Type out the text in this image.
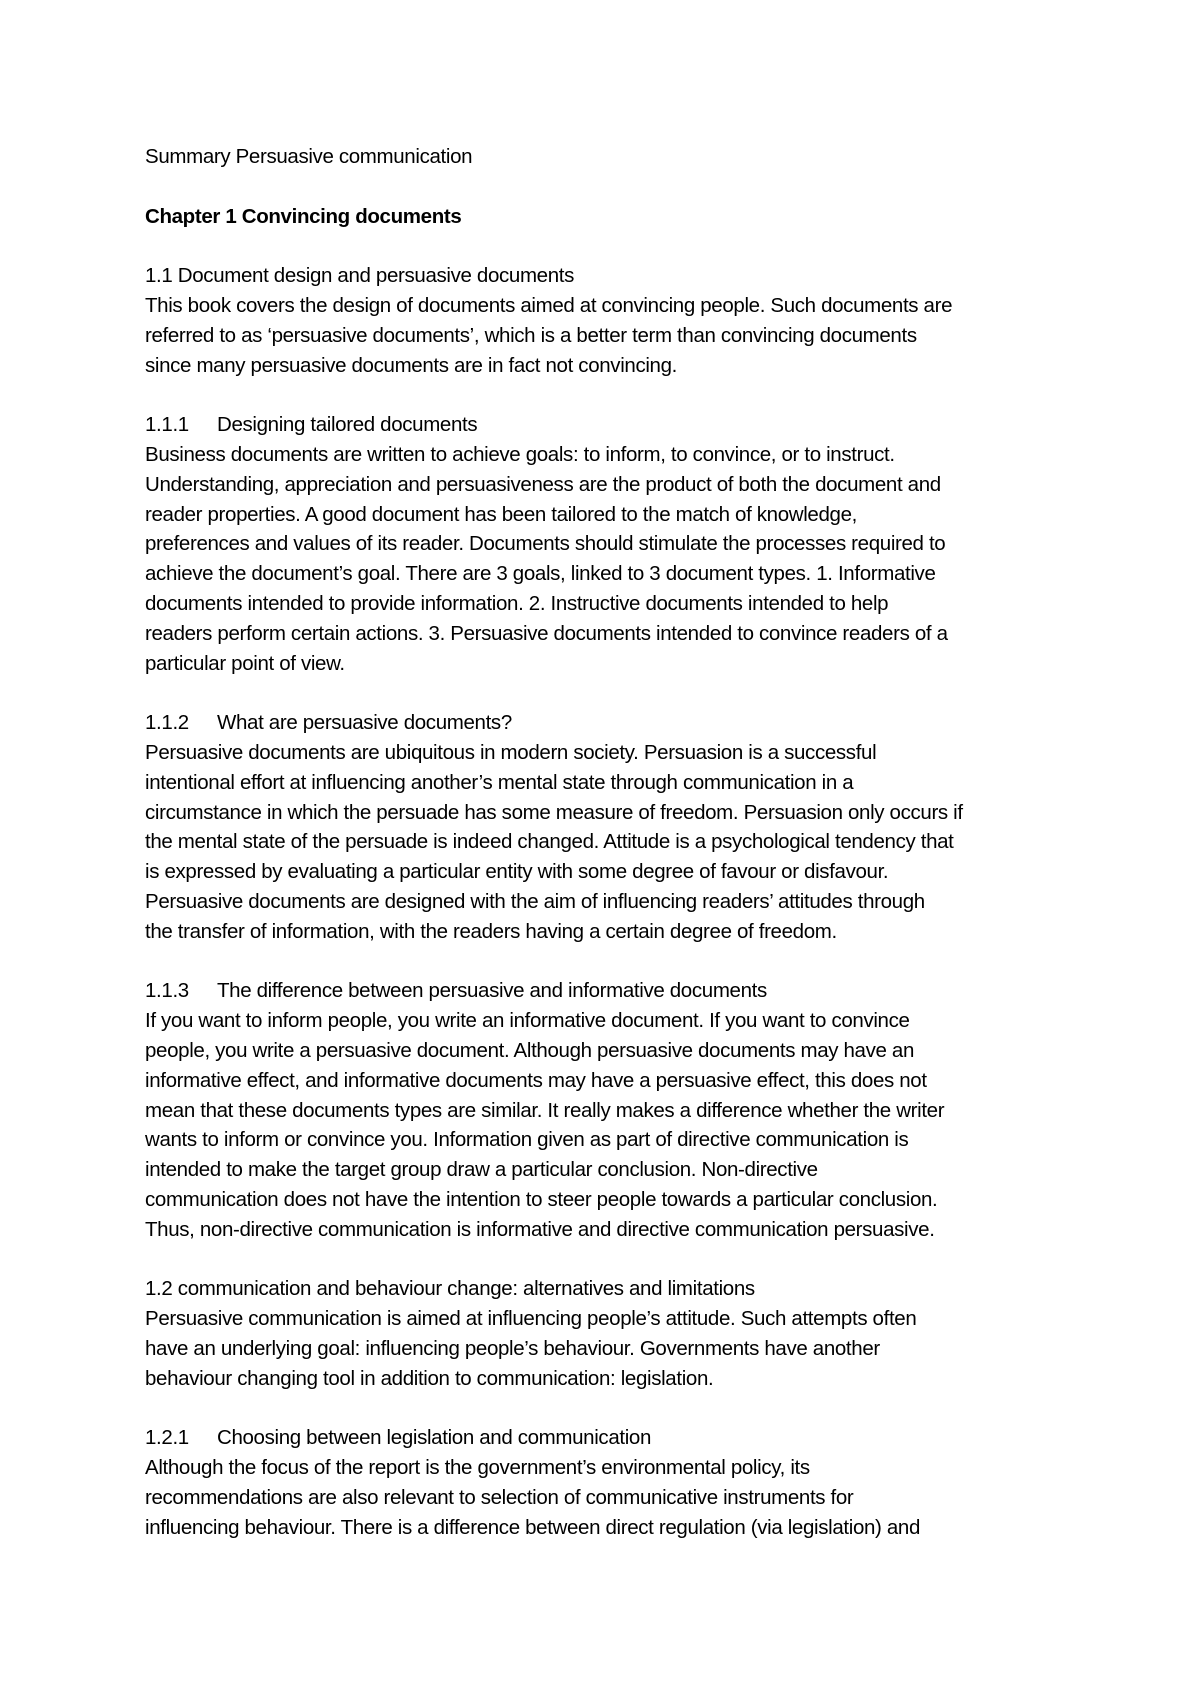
Summary Persuasive communication
Chapter 1 Convincing documents
1.1 Document design and persuasive documents
This book covers the design of documents aimed at convincing people. Such documents are
referred to as ‘persuasive documents’, which is a better term than convincing documents
since many persuasive documents are in fact not convincing.
1.1.1 Designing tailored documents
Business documents are written to achieve goals: to inform, to convince, or to instruct.
Understanding, appreciation and persuasiveness are the product of both the document and
reader properties. A good document has been tailored to the match of knowledge,
preferences and values of its reader. Documents should stimulate the processes required to
achieve the document’s goal. There are 3 goals, linked to 3 document types. 1. Informative
documents intended to provide information. 2. Instructive documents intended to help
readers perform certain actions. 3. Persuasive documents intended to convince readers of a
particular point of view.
1.1.2 What are persuasive documents?
Persuasive documents are ubiquitous in modern society. Persuasion is a successful
intentional effort at influencing another’s mental state through communication in a
circumstance in which the persuade has some measure of freedom. Persuasion only occurs if
the mental state of the persuade is indeed changed. Attitude is a psychological tendency that
is expressed by evaluating a particular entity with some degree of favour or disfavour.
Persuasive documents are designed with the aim of influencing readers’ attitudes through
the transfer of information, with the readers having a certain degree of freedom.
1.1.3 The difference between persuasive and informative documents
If you want to inform people, you write an informative document. If you want to convince
people, you write a persuasive document. Although persuasive documents may have an
informative effect, and informative documents may have a persuasive effect, this does not
mean that these documents types are similar. It really makes a difference whether the writer
wants to inform or convince you. Information given as part of directive communication is
intended to make the target group draw a particular conclusion. Non-directive
communication does not have the intention to steer people towards a particular conclusion.
Thus, non-directive communication is informative and directive communication persuasive.
1.2 communication and behaviour change: alternatives and limitations
Persuasive communication is aimed at influencing people’s attitude. Such attempts often
have an underlying goal: influencing people’s behaviour. Governments have another
behaviour changing tool in addition to communication: legislation.
1.2.1 Choosing between legislation and communication
Although the focus of the report is the government’s environmental policy, its
recommendations are also relevant to selection of communicative instruments for
influencing behaviour. There is a difference between direct regulation (via legislation) and
